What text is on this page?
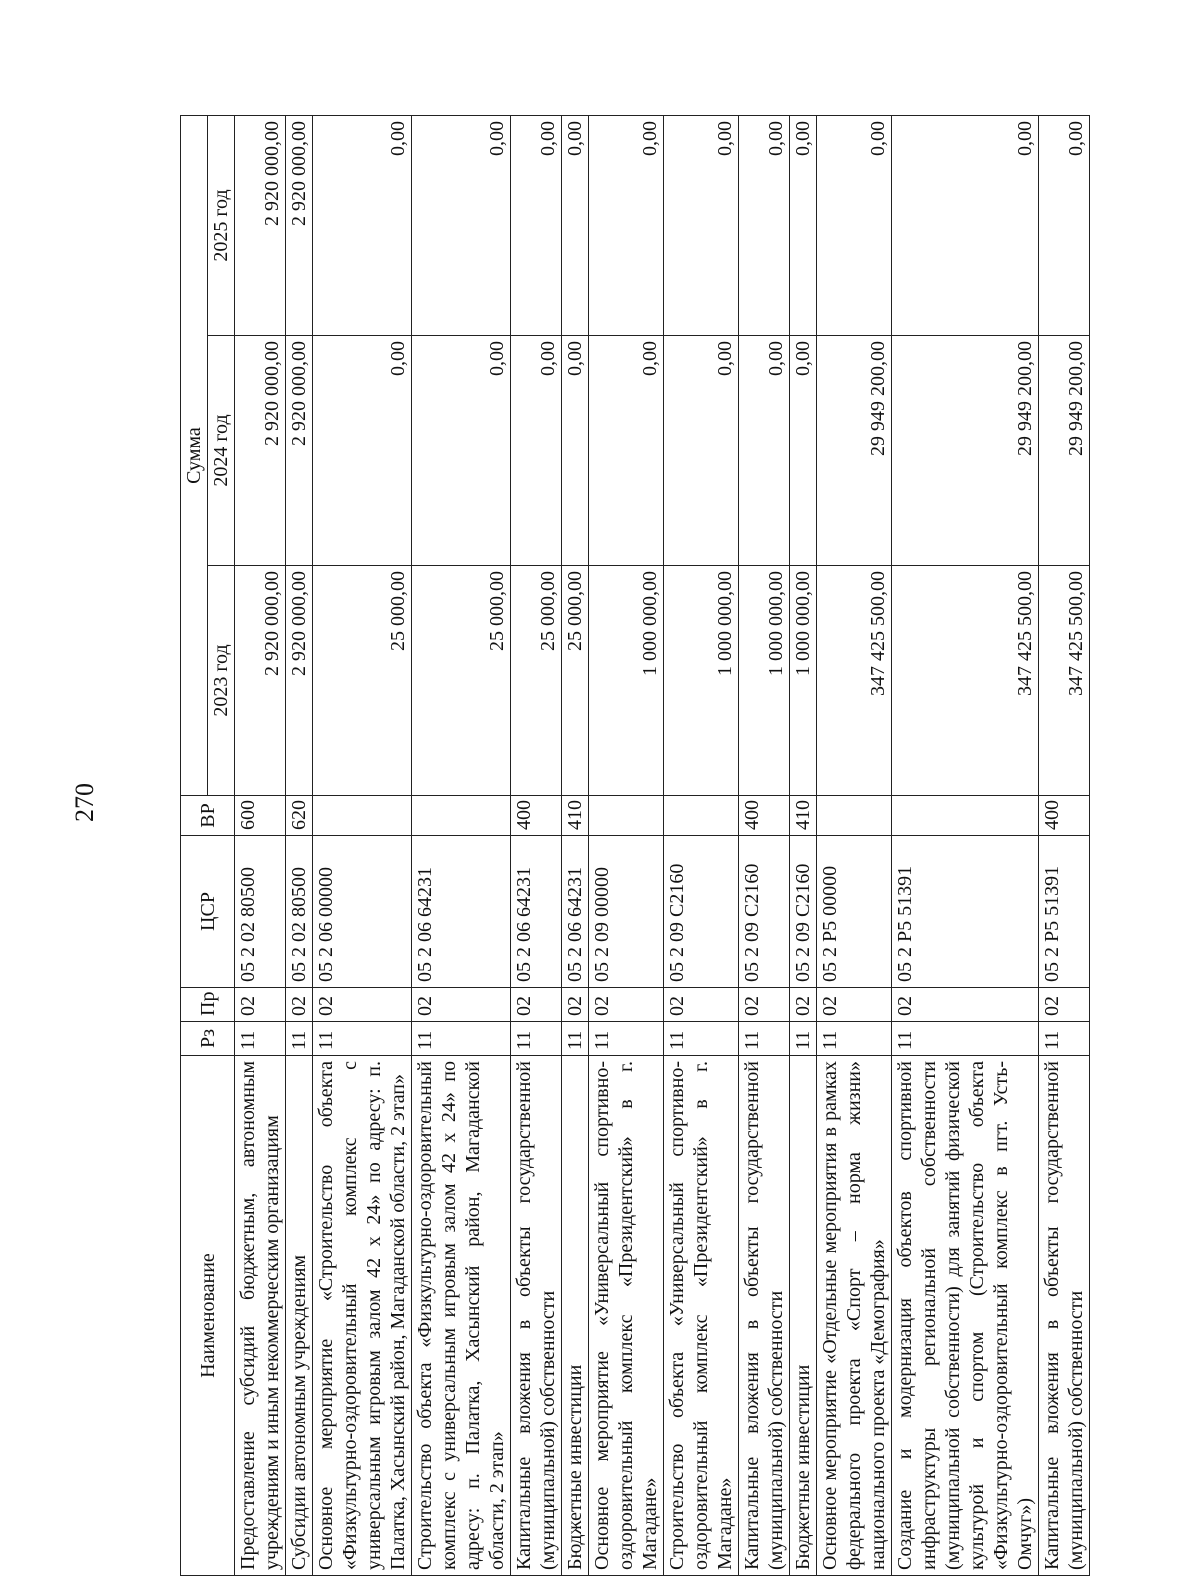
270
Наименование	Рз	Пр	ЦСР	ВР	Сумма		
					2023 год	2024 год	2025 год
Предоставление субсидий бюджетным, автономным учреждениям и иным некоммерческим организациям	11	02	05 2 02 80500	600	2 920 000,00	2 920 000,00	2 920 000,00
Субсидии автономным учреждениям	11	02	05 2 02 80500	620	2 920 000,00	2 920 000,00	2 920 000,00
Основное мероприятие «Строительство объекта «Физкультурно-оздоровительный комплекс с универсальным игровым залом 42 х 24» по адресу: п. Палатка, Хасынский район, Магаданской области, 2 этап»	11	02	05 2 06 00000		25 000,00	0,00	0,00
Строительство объекта «Физкультурно-оздоровительный комплекс с универсальным игровым залом 42 х 24» по адресу: п. Палатка, Хасынский район, Магаданской области, 2 этап»	11	02	05 2 06 64231		25 000,00	0,00	0,00
Капитальные вложения в объекты государственной (муниципальной) собственности	11	02	05 2 06 64231	400	25 000,00	0,00	0,00
Бюджетные инвестиции	11	02	05 2 06 64231	410	25 000,00	0,00	0,00
Основное мероприятие «Универсальный спортивно-оздоровительный комплекс «Президентский» в г. Магадане»	11	02	05 2 09 00000		1 000 000,00	0,00	0,00
Строительство объекта «Универсальный спортивно-оздоровительный комплекс «Президентский» в г. Магадане»	11	02	05 2 09 С2160		1 000 000,00	0,00	0,00
Капитальные вложения в объекты государственной (муниципальной) собственности	11	02	05 2 09 С2160	400	1 000 000,00	0,00	0,00
Бюджетные инвестиции	11	02	05 2 09 С2160	410	1 000 000,00	0,00	0,00
Основное мероприятие «Отдельные мероприятия в рамках федерального проекта «Спорт – норма жизни» национального проекта «Демография»	11	02	05 2 Р5 00000		347 425 500,00	29 949 200,00	0,00
Создание и модернизация объектов спортивной инфраструктуры региональной собственности (муниципальной собственности) для занятий физической культурой и спортом (Строительство объекта «Физкультурно-оздоровительный комплекс в пгт. Усть-Омчуг»)	11	02	05 2 Р5 51391		347 425 500,00	29 949 200,00	0,00
Капитальные вложения в объекты государственной (муниципальной) собственности	11	02	05 2 Р5 51391	400	347 425 500,00	29 949 200,00	0,00
